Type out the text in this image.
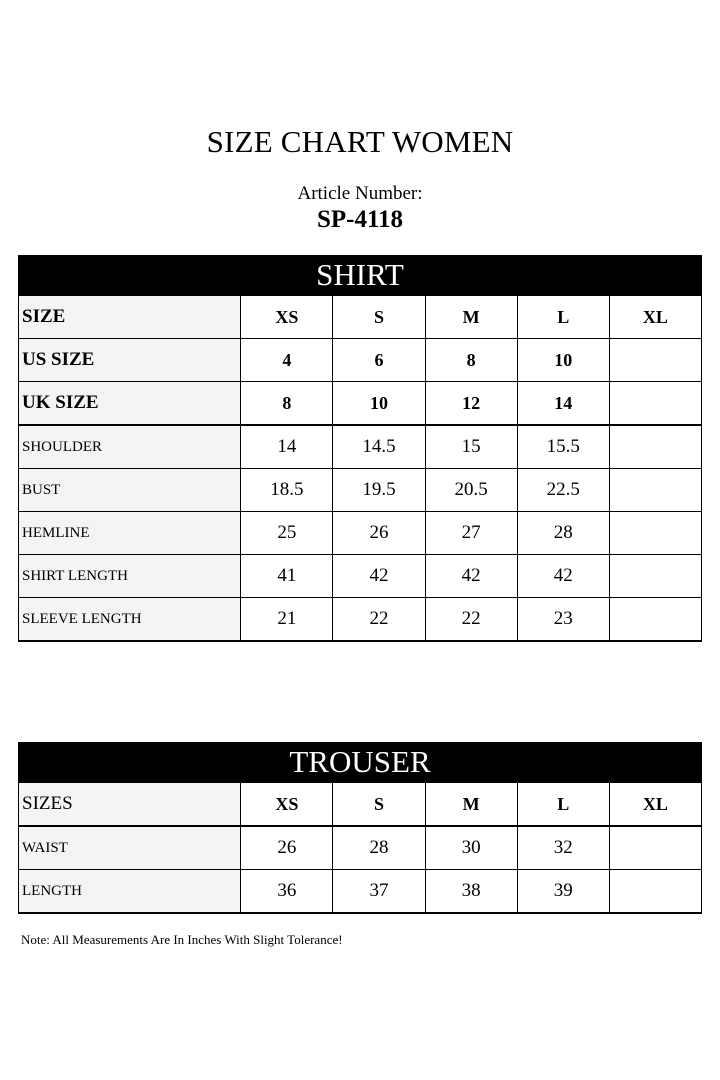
SIZE CHART WOMEN
Article Number:
SP-4118
SHIRT
SIZE	XS	S	M	L	XL
US SIZE	4	6	8	10	
UK SIZE	8	10	12	14	
SHOULDER	14	14.5	15	15.5	
BUST	18.5	19.5	20.5	22.5	
HEMLINE	25	26	27	28	
SHIRT LENGTH	41	42	42	42	
SLEEVE LENGTH	21	22	22	23	
TROUSER
SIZES	XS	S	M	L	XL
WAIST	26	28	30	32	
LENGTH	36	37	38	39	
Note: All Measurements Are In Inches With Slight Tolerance!
